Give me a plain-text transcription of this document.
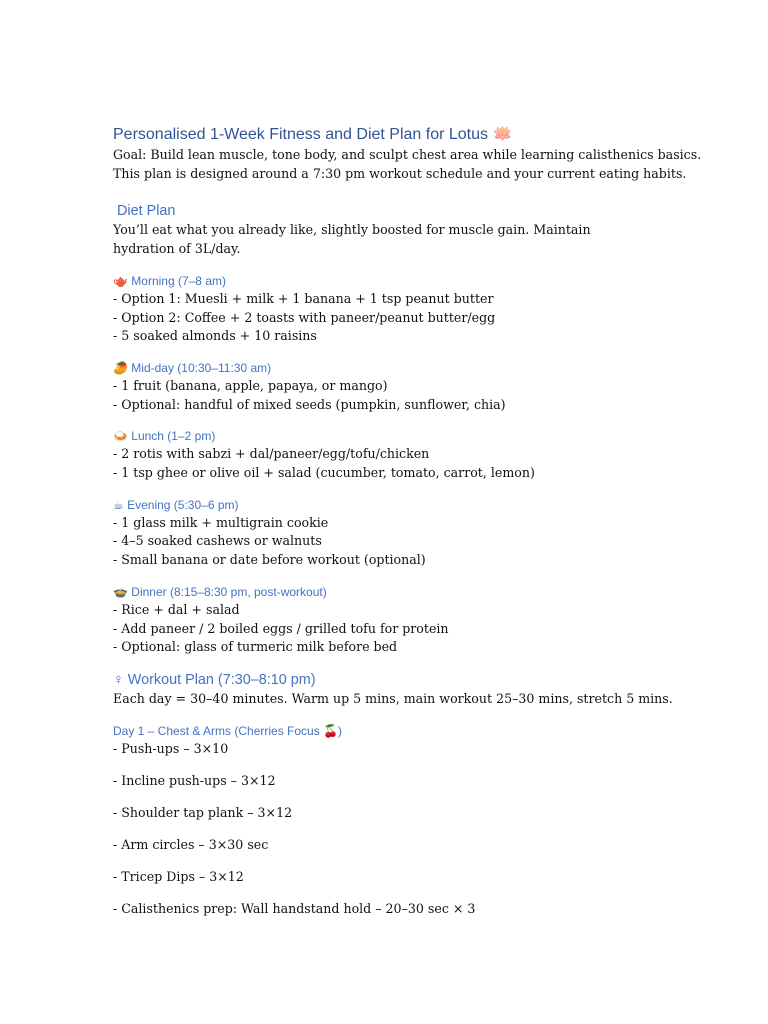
Personalised 1-Week Fitness and Diet Plan for Lotus 🪷

Goal: Build lean muscle, tone body, and sculpt chest area while learning calisthenics basics.

This plan is designed around a 7:30 pm workout schedule and your current eating habits.

Diet Plan

You’ll eat what you already like, slightly boosted for muscle gain. Maintain hydration of 3L/day.

🫖 Morning (7–8 am)

- Option 1: Muesli + milk + 1 banana + 1 tsp peanut butter

- Option 2: Coffee + 2 toasts with paneer/peanut butter/egg

- 5 soaked almonds + 10 raisins

🥭 Mid-day (10:30–11:30 am)

- 1 fruit (banana, apple, papaya, or mango)

- Optional: handful of mixed seeds (pumpkin, sunflower, chia)

🍛 Lunch (1–2 pm)

- 2 rotis with sabzi + dal/paneer/egg/tofu/chicken

- 1 tsp ghee or olive oil + salad (cucumber, tomato, carrot, lemon)

☕ Evening (5:30–6 pm)

- 1 glass milk + multigrain cookie

- 4–5 soaked cashews or walnuts

- Small banana or date before workout (optional)

🍲 Dinner (8:15–8:30 pm, post-workout)

- Rice + dal + salad

- Add paneer / 2 boiled eggs / grilled tofu for protein

- Optional: glass of turmeric milk before bed

♀ Workout Plan (7:30–8:10 pm)

Each day = 30–40 minutes. Warm up 5 mins, main workout 25–30 mins, stretch 5 mins.

Day 1 – Chest & Arms (Cherries Focus 🍒)

- Push-ups – 3×10

- Incline push-ups – 3×12

- Shoulder tap plank – 3×12

- Arm circles – 3×30 sec

- Tricep Dips – 3×12

- Calisthenics prep: Wall handstand hold – 20–30 sec × 3
